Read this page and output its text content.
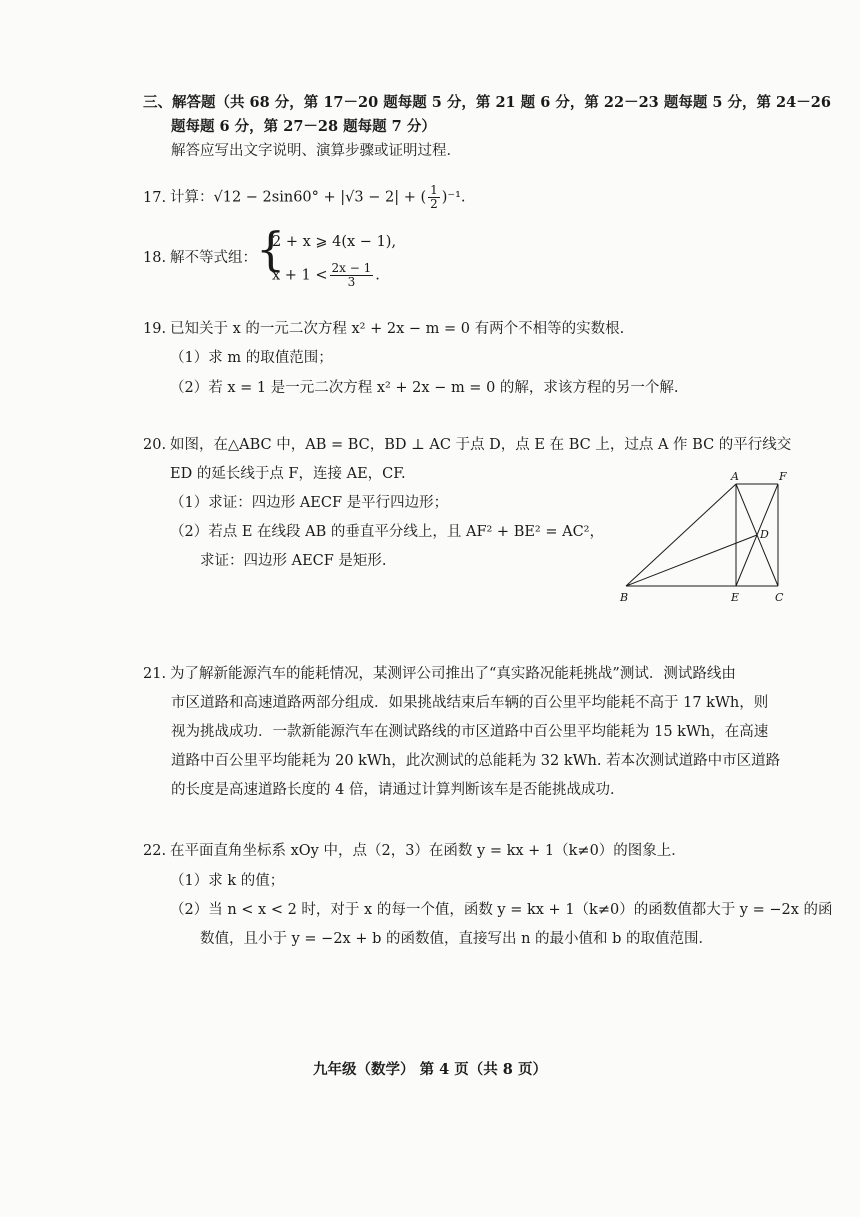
三、解答题（共 68 分，第 17－20 题每题 5 分，第 21 题 6 分，第 22－23 题每题 5 分，第 24－26
题每题 6 分，第 27－28 题每题 7 分）
解答应写出文字说明、演算步骤或证明过程．
17. 计算：√12 − 2sin60° + |√3 − 2| + ( $\frac{1}{2} )^{-1}$.
18. 解不等式组： {
2 + x ⩾ 4(x − 1),
$x + 1 < \frac{2x - 1}{3}$ .
19. 已知关于 x 的一元二次方程 x² + 2x − m = 0 有两个不相等的实数根.
（1）求 m 的取值范围；
（2）若 x = 1 是一元二次方程 x² + 2x − m = 0 的解，求该方程的另一个解.
20. 如图，在△ABC 中，AB = BC，BD ⊥ AC 于点 D，点 E 在 BC 上，过点 A 作 BC 的平行线交
ED 的延长线于点 F，连接 AE，CF.
（1）求证：四边形 AECF 是平行四边形；
（2）若点 E 在线段 AB 的垂直平分线上，且 AF² + BE² = AC²，
求证：四边形 AECF 是矩形.
A	F
D
B	E	C
21. 为了解新能源汽车的能耗情况，某测评公司推出了“真实路况能耗挑战”测试．测试路线由
市区道路和高速道路两部分组成．如果挑战结束后车辆的百公里平均能耗不高于 17 kWh，则
视为挑战成功．一款新能源汽车在测试路线的市区道路中百公里平均能耗为 15 kWh，在高速
道路中百公里平均能耗为 20 kWh，此次测试的总能耗为 32 kWh. 若本次测试道路中市区道路
的长度是高速道路长度的 4 倍，请通过计算判断该车是否能挑战成功．
22. 在平面直角坐标系 xOy 中，点（2，3）在函数 y = kx + 1（k≠0）的图象上．
（1）求 k 的值；
（2）当 n < x < 2 时，对于 x 的每一个值，函数 y = kx + 1（k≠0）的函数值都大于 y = −2x 的函
数值，且小于 y = −2x + b 的函数值，直接写出 n 的最小值和 b 的取值范围．
九年级（数学） 第 4 页（共 8 页）
